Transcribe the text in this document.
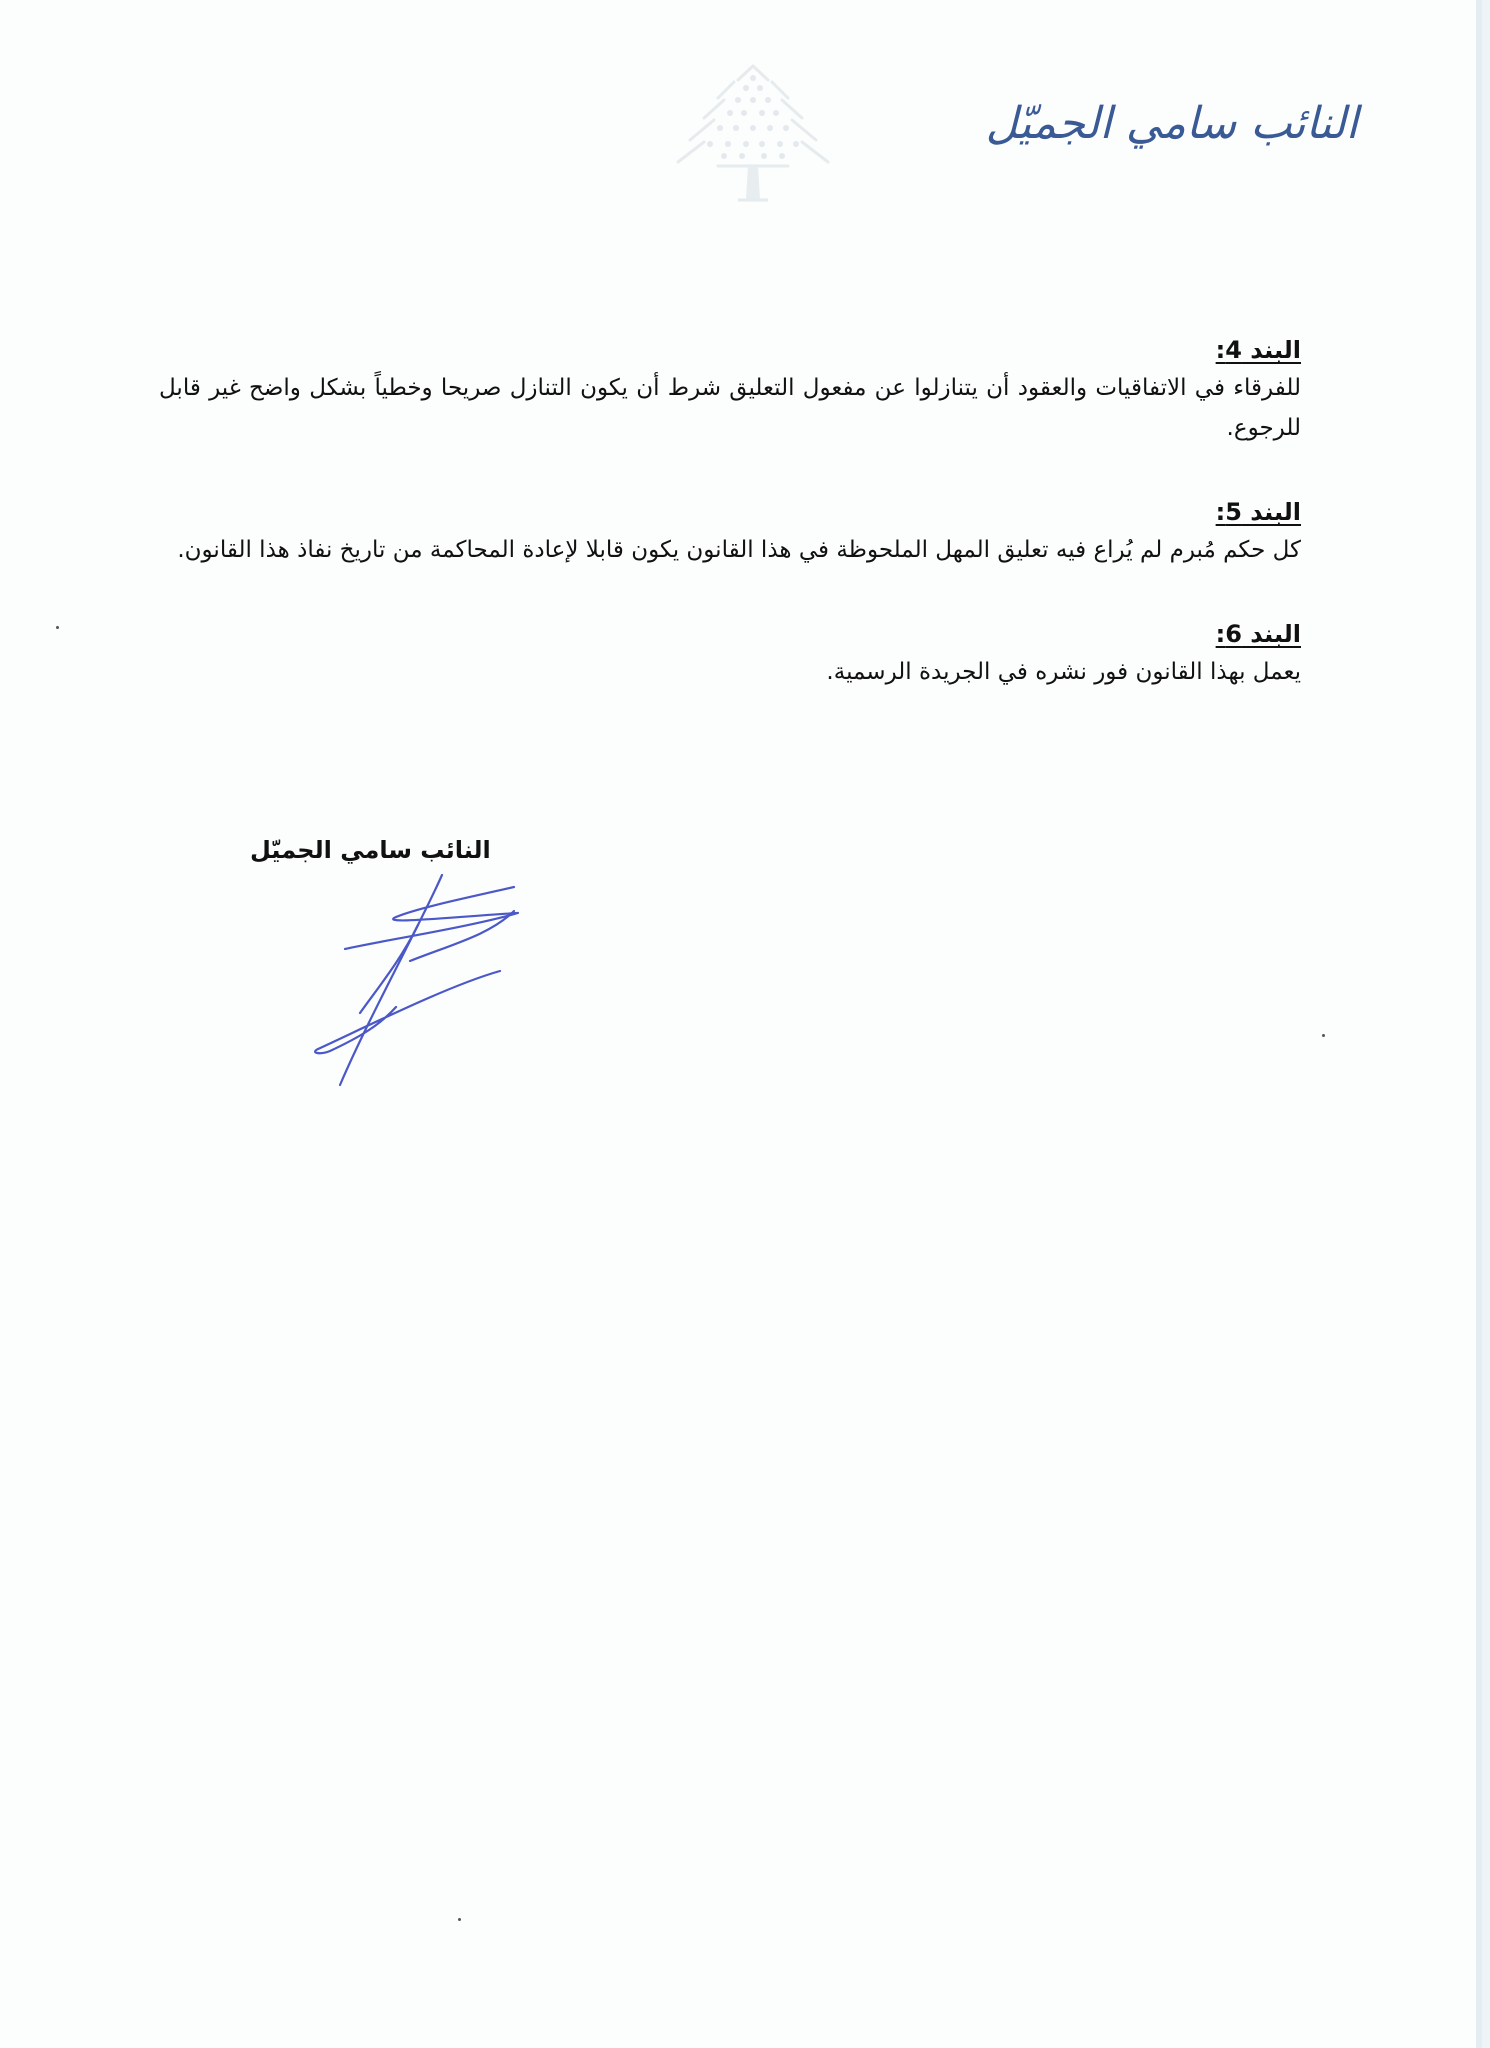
النائب سامي الجميّل
البند 4:
للفرقاء في الاتفاقيات والعقود أن يتنازلوا عن مفعول التعليق شرط أن يكون التنازل صريحا وخطياً بشكل واضح غير قابل للرجوع.
البند 5:
كل حكم مُبرم لم يُراع فيه تعليق المهل الملحوظة في هذا القانون يكون قابلا لإعادة المحاكمة من تاريخ نفاذ هذا القانون.
البند 6:
يعمل بهذا القانون فور نشره في الجريدة الرسمية.
النائب سامي الجميّل
